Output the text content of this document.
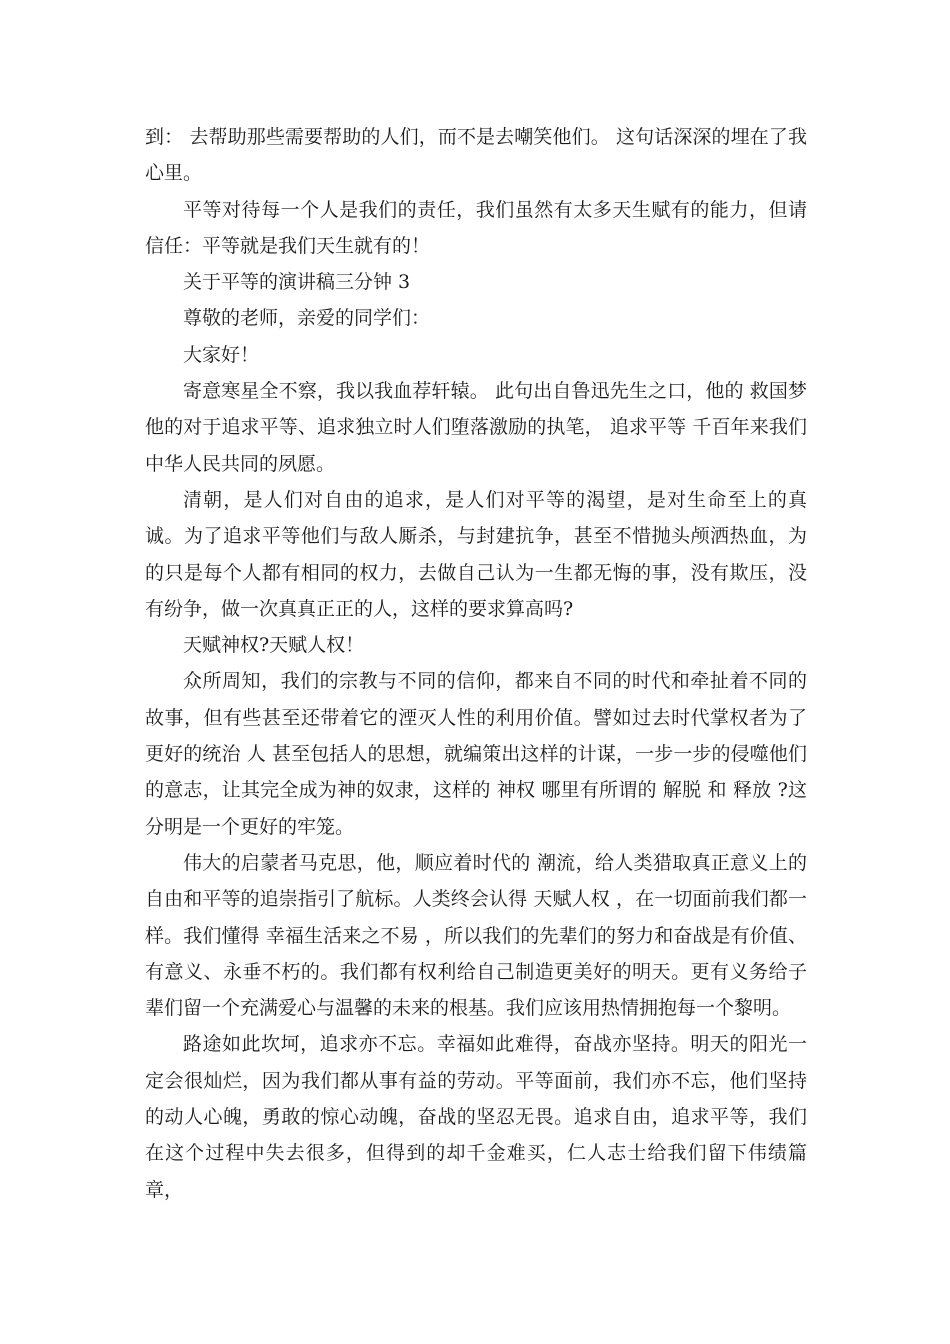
到： 去帮助那些需要帮助的人们，而不是去嘲笑他们。 这句话深深的埋在了我心里。

平等对待每一个人是我们的责任，我们虽然有太多天生赋有的能力，但请信任：平等就是我们天生就有的！

关于平等的演讲稿三分钟 3

尊敬的老师，亲爱的同学们：

大家好！

寄意寒星全不察，我以我血荐轩辕。 此句出自鲁迅先生之口，他的 救国梦 他的对于追求平等、追求独立时人们堕落激励的执笔， 追求平等 千百年来我们中华人民共同的夙愿。

清朝，是人们对自由的追求，是人们对平等的渴望，是对生命至上的真诚。为了追求平等他们与敌人厮杀，与封建抗争，甚至不惜抛头颅洒热血，为的只是每个人都有相同的权力，去做自己认为一生都无悔的事，没有欺压，没有纷争，做一次真真正正的人，这样的要求算高吗?

天赋神权?天赋人权！

众所周知，我们的宗教与不同的信仰，都来自不同的时代和牵扯着不同的故事，但有些甚至还带着它的湮灭人性的利用价值。譬如过去时代掌权者为了更好的统治 人 甚至包括人的思想，就编策出这样的计谋，一步一步的侵噬他们的意志，让其完全成为神的奴隶，这样的 神权 哪里有所谓的 解脱 和 释放 ?这分明是一个更好的牢笼。

伟大的启蒙者马克思，他，顺应着时代的 潮流，给人类猎取真正意义上的自由和平等的追崇指引了航标。人类终会认得 天赋人权 ，在一切面前我们都一样。我们懂得 幸福生活来之不易 ，所以我们的先辈们的努力和奋战是有价值、有意义、永垂不朽的。我们都有权利给自己制造更美好的明天。更有义务给子辈们留一个充满爱心与温馨的未来的根基。我们应该用热情拥抱每一个黎明。

路途如此坎坷，追求亦不忘。幸福如此难得，奋战亦坚持。明天的阳光一定会很灿烂，因为我们都从事有益的劳动。平等面前，我们亦不忘，他们坚持的动人心魄，勇敢的惊心动魄，奋战的坚忍无畏。追求自由，追求平等，我们在这个过程中失去很多，但得到的却千金难买，仁人志士给我们留下伟绩篇章，
